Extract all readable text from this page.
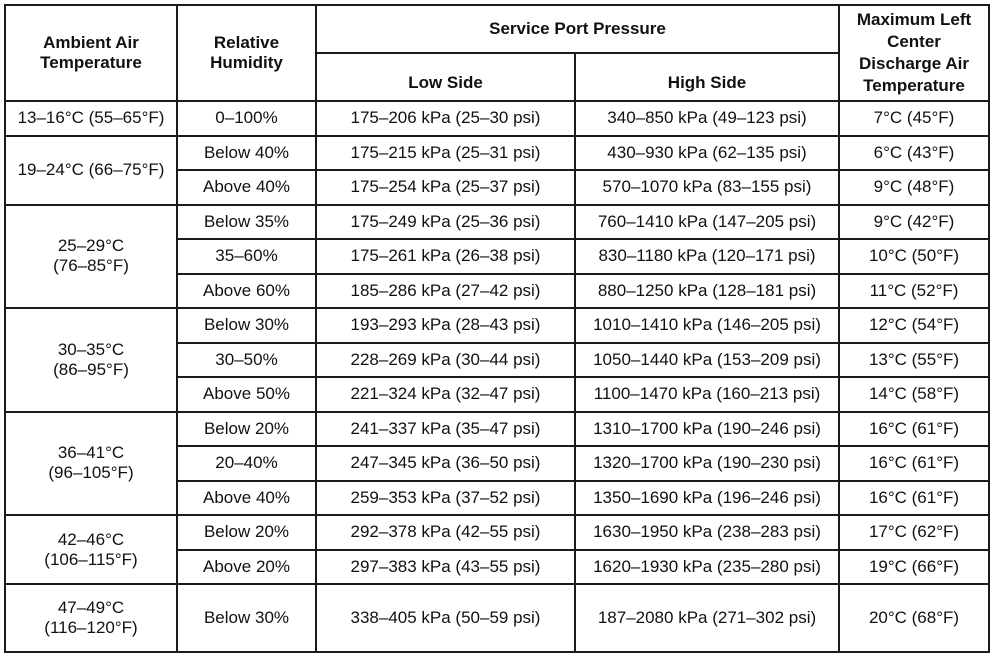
Ambient Air Temperature	Relative Humidity	Service Port Pressure		Maximum Left Center Discharge Air Temperature
		Low Side	High Side	

13–16°C (55–65°F)	0–100%	175–206 kPa (25–30 psi)	340–850 kPa (49–123 psi)	7°C (45°F)

19–24°C (66–75°F)	Below 40%	175–215 kPa (25–31 psi)	430–930 kPa (62–135 psi)	6°C (43°F)
	Above 40%	175–254 kPa (25–37 psi)	570–1070 kPa (83–155 psi)	9°C (48°F)

25–29°C
(76–85°F)	Below 35%	175–249 kPa (25–36 psi)	760–1410 kPa (147–205 psi)	9°C (42°F)
	35–60%	175–261 kPa (26–38 psi)	830–1180 kPa (120–171 psi)	10°C (50°F)
	Above 60%	185–286 kPa (27–42 psi)	880–1250 kPa (128–181 psi)	11°C (52°F)

30–35°C
(86–95°F)	Below 30%	193–293 kPa (28–43 psi)	1010–1410 kPa (146–205 psi)	12°C (54°F)
	30–50%	228–269 kPa (30–44 psi)	1050–1440 kPa (153–209 psi)	13°C (55°F)
	Above 50%	221–324 kPa (32–47 psi)	1100–1470 kPa (160–213 psi)	14°C (58°F)

36–41°C
(96–105°F)	Below 20%	241–337 kPa (35–47 psi)	1310–1700 kPa (190–246 psi)	16°C (61°F)
	20–40%	247–345 kPa (36–50 psi)	1320–1700 kPa (190–230 psi)	16°C (61°F)
	Above 40%	259–353 kPa (37–52 psi)	1350–1690 kPa (196–246 psi)	16°C (61°F)

42–46°C
(106–115°F)	Below 20%	292–378 kPa (42–55 psi)	1630–1950 kPa (238–283 psi)	17°C (62°F)
	Above 20%	297–383 kPa (43–55 psi)	1620–1930 kPa (235–280 psi)	19°C (66°F)

47–49°C
(116–120°F)	Below 30%	338–405 kPa (50–59 psi)	187–2080 kPa (271–302 psi)	20°C (68°F)
